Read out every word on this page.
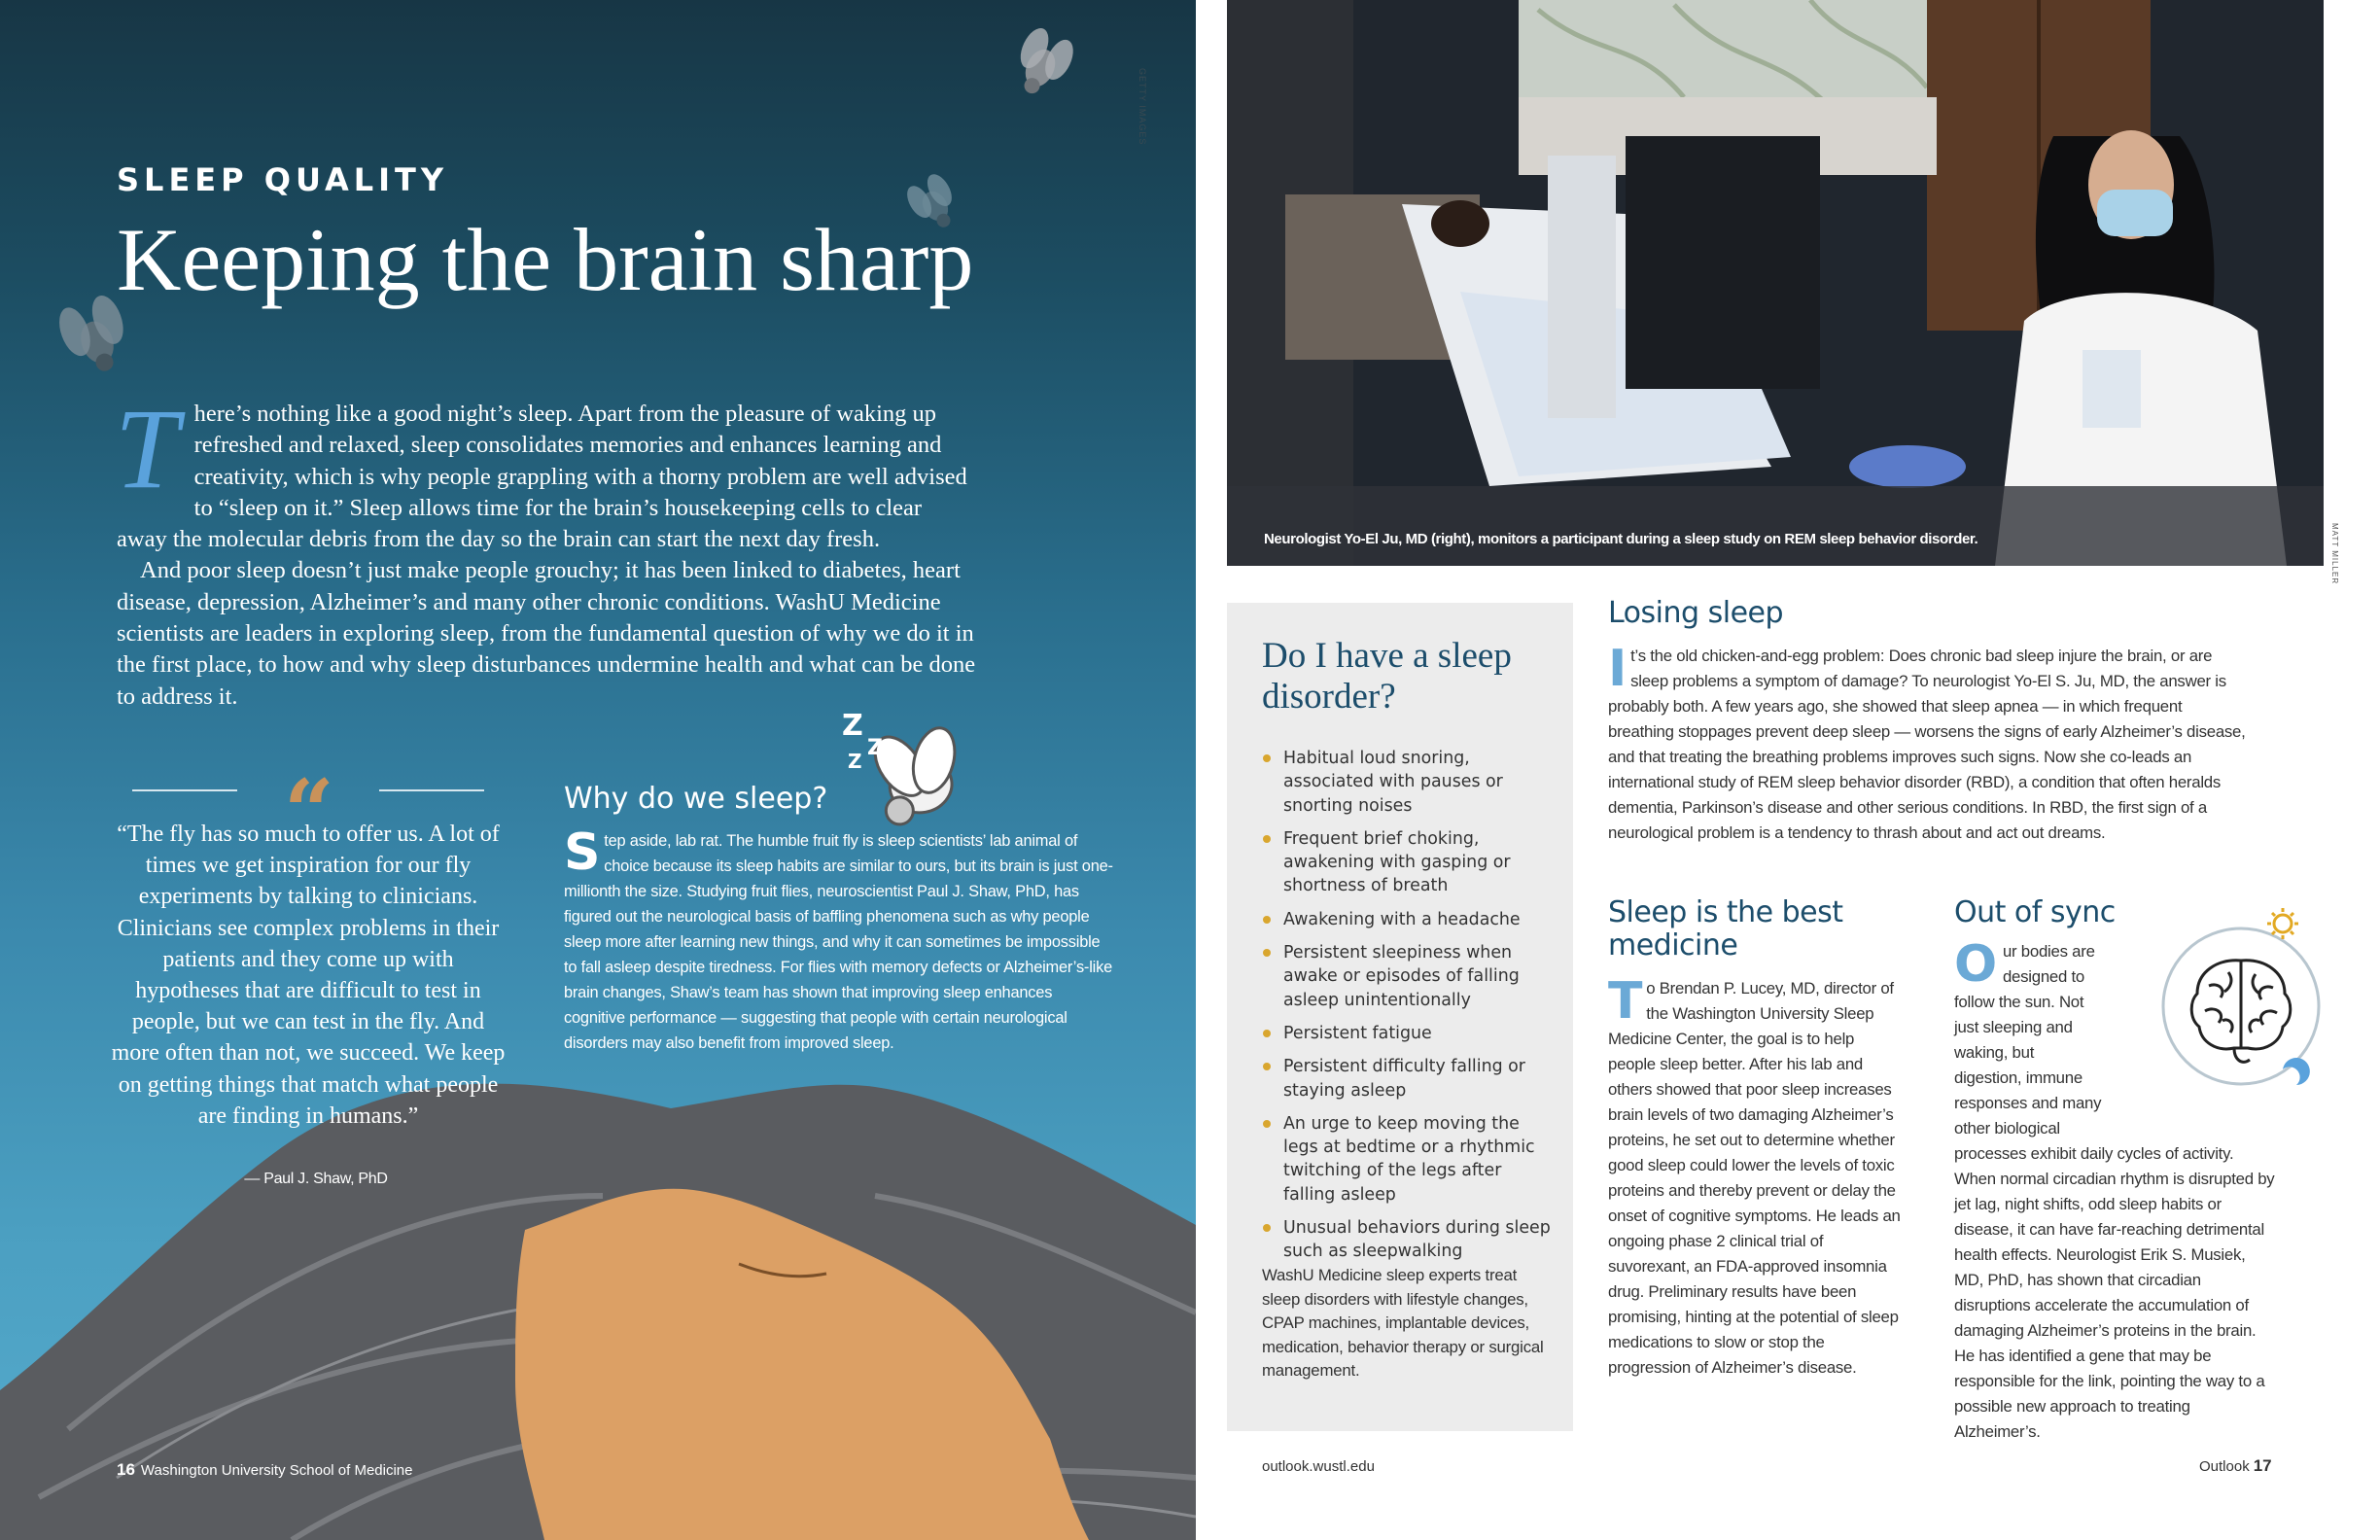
Z
Z
Z
GETTY IMAGES
SLEEP QUALITY
Keeping the brain sharp

There’s nothing like a good night’s sleep. Apart from the pleasure of waking up refreshed and relaxed, sleep consolidates memories and enhances learning and creativity, which is why people grappling with a thorny problem are well advised to “sleep on it.” Sleep allows time for the brain’s housekeeping cells to clear away the molecular debris from the day so the brain can start the next day fresh.

And poor sleep doesn’t just make people grouchy; it has been linked to diabetes, heart disease, depression, Alzheimer’s and many other chronic conditions. WashU Medicine scientists are leaders in exploring sleep, from the fundamental question of why we do it in the first place, to how and why sleep disturbances undermine health and what can be done to address it.

“
“The fly has so much to offer us. A lot of times we get inspiration for our fly experiments by talking to clinicians. Clinicians see complex problems in their patients and they come up with hypotheses that are difficult to test in people, but we can test in the fly. And more often than not, we succeed. We keep on getting things that match what people are finding in humans.”
— Paul J. Shaw, PhD
Why do we sleep?
Step aside, lab rat. The humble fruit fly is sleep scientists’ lab animal of choice because its sleep habits are similar to ours, but its brain is just one-millionth the size. Studying fruit flies, neuroscientist Paul J. Shaw, PhD, has figured out the neurological basis of baffling phenomena such as why people sleep more after learning new things, and why it can sometimes be impossible to fall asleep despite tiredness. For flies with memory defects or Alzheimer’s-like brain changes, Shaw’s team has shown that improving sleep enhances cognitive performance — suggesting that people with certain neurological disorders may also benefit from improved sleep.
16 Washington University School of Medicine
Neurologist Yo-El Ju, MD (right), monitors a participant during a sleep study on REM sleep behavior disorder.	MATT MILLER
Do I have a sleep disorder?
Habitual loud snoring, associated with pauses or snorting noises
Frequent brief choking, awakening with gasping or shortness of breath
Awakening with a headache
Persistent sleepiness when awake or episodes of falling asleep unintentionally
Persistent fatigue
Persistent difficulty falling or staying asleep
An urge to keep moving the legs at bedtime or a rhythmic twitching of the legs after falling asleep
Unusual behaviors during sleep such as sleepwalking
WashU Medicine sleep experts treat sleep disorders with lifestyle changes, CPAP machines, implantable devices, medication, behavior therapy or surgical management.
Losing sleep
It’s the old chicken-and-egg problem: Does chronic bad sleep injure the brain, or are sleep problems a symptom of damage? To neurologist Yo-El S. Ju, MD, the answer is probably both. A few years ago, she showed that sleep apnea — in which frequent breathing stoppages prevent deep sleep — worsens the signs of early Alzheimer’s disease, and that treating the breathing problems improves such signs. Now she co-leads an international study of REM sleep behavior disorder (RBD), a condition that often heralds dementia, Parkinson’s disease and other serious conditions. In RBD, the first sign of a neurological problem is a tendency to thrash about and act out dreams.
Sleep is the best medicine
To Brendan P. Lucey, MD, director of the Washington University Sleep Medicine Center, the goal is to help people sleep better. After his lab and others showed that poor sleep increases brain levels of two damaging Alzheimer’s proteins, he set out to determine whether good sleep could lower the levels of toxic proteins and thereby prevent or delay the onset of cognitive symptoms. He leads an ongoing phase 2 clinical trial of suvorexant, an FDA-approved insomnia drug. Preliminary results have been promising, hinting at the potential of sleep medications to slow or stop the progression of Alzheimer’s disease.
Out of sync
Our bodies are designed to follow the sun. Not just sleeping and waking, but digestion, immune responses and many other biological processes exhibit daily cycles of activity. When normal circadian rhythm is disrupted by jet lag, night shifts, odd sleep habits or disease, it can have far-reaching detrimental health effects. Neurologist Erik S. Musiek, MD, PhD, has shown that circadian disruptions accelerate the accumulation of damaging Alzheimer’s proteins in the brain. He has identified a gene that may be responsible for the link, pointing the way to a possible new approach to treating Alzheimer’s.
outlook.wustl.edu	Outlook 17
